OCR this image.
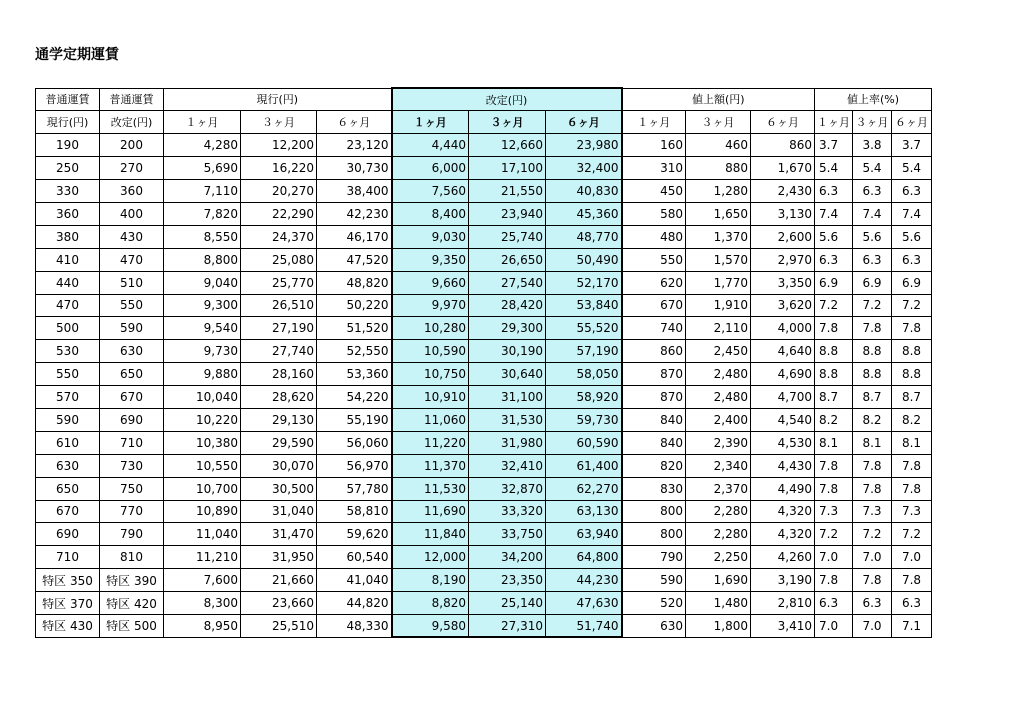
通学定期運賃
普通運賃	普通運賃	現行(円)			改定(円)			値上額(円)			値上率(%)		
現行(円)	改定(円)	１ヶ月	３ヶ月	６ヶ月	１ヶ月	３ヶ月	６ヶ月	１ヶ月	３ヶ月	６ヶ月	１ヶ月	３ヶ月	６ヶ月
190	200	4,280	12,200	23,120	4,440	12,660	23,980	160	460	860	3.7	3.8	3.7
250	270	5,690	16,220	30,730	6,000	17,100	32,400	310	880	1,670	5.4	5.4	5.4
330	360	7,110	20,270	38,400	7,560	21,550	40,830	450	1,280	2,430	6.3	6.3	6.3
360	400	7,820	22,290	42,230	8,400	23,940	45,360	580	1,650	3,130	7.4	7.4	7.4
380	430	8,550	24,370	46,170	9,030	25,740	48,770	480	1,370	2,600	5.6	5.6	5.6
410	470	8,800	25,080	47,520	9,350	26,650	50,490	550	1,570	2,970	6.3	6.3	6.3
440	510	9,040	25,770	48,820	9,660	27,540	52,170	620	1,770	3,350	6.9	6.9	6.9
470	550	9,300	26,510	50,220	9,970	28,420	53,840	670	1,910	3,620	7.2	7.2	7.2
500	590	9,540	27,190	51,520	10,280	29,300	55,520	740	2,110	4,000	7.8	7.8	7.8
530	630	9,730	27,740	52,550	10,590	30,190	57,190	860	2,450	4,640	8.8	8.8	8.8
550	650	9,880	28,160	53,360	10,750	30,640	58,050	870	2,480	4,690	8.8	8.8	8.8
570	670	10,040	28,620	54,220	10,910	31,100	58,920	870	2,480	4,700	8.7	8.7	8.7
590	690	10,220	29,130	55,190	11,060	31,530	59,730	840	2,400	4,540	8.2	8.2	8.2
610	710	10,380	29,590	56,060	11,220	31,980	60,590	840	2,390	4,530	8.1	8.1	8.1
630	730	10,550	30,070	56,970	11,370	32,410	61,400	820	2,340	4,430	7.8	7.8	7.8
650	750	10,700	30,500	57,780	11,530	32,870	62,270	830	2,370	4,490	7.8	7.8	7.8
670	770	10,890	31,040	58,810	11,690	33,320	63,130	800	2,280	4,320	7.3	7.3	7.3
690	790	11,040	31,470	59,620	11,840	33,750	63,940	800	2,280	4,320	7.2	7.2	7.2
710	810	11,210	31,950	60,540	12,000	34,200	64,800	790	2,250	4,260	7.0	7.0	7.0
特区 350	特区 390	7,600	21,660	41,040	8,190	23,350	44,230	590	1,690	3,190	7.8	7.8	7.8
特区 370	特区 420	8,300	23,660	44,820	8,820	25,140	47,630	520	1,480	2,810	6.3	6.3	6.3
特区 430	特区 500	8,950	25,510	48,330	9,580	27,310	51,740	630	1,800	3,410	7.0	7.0	7.1
